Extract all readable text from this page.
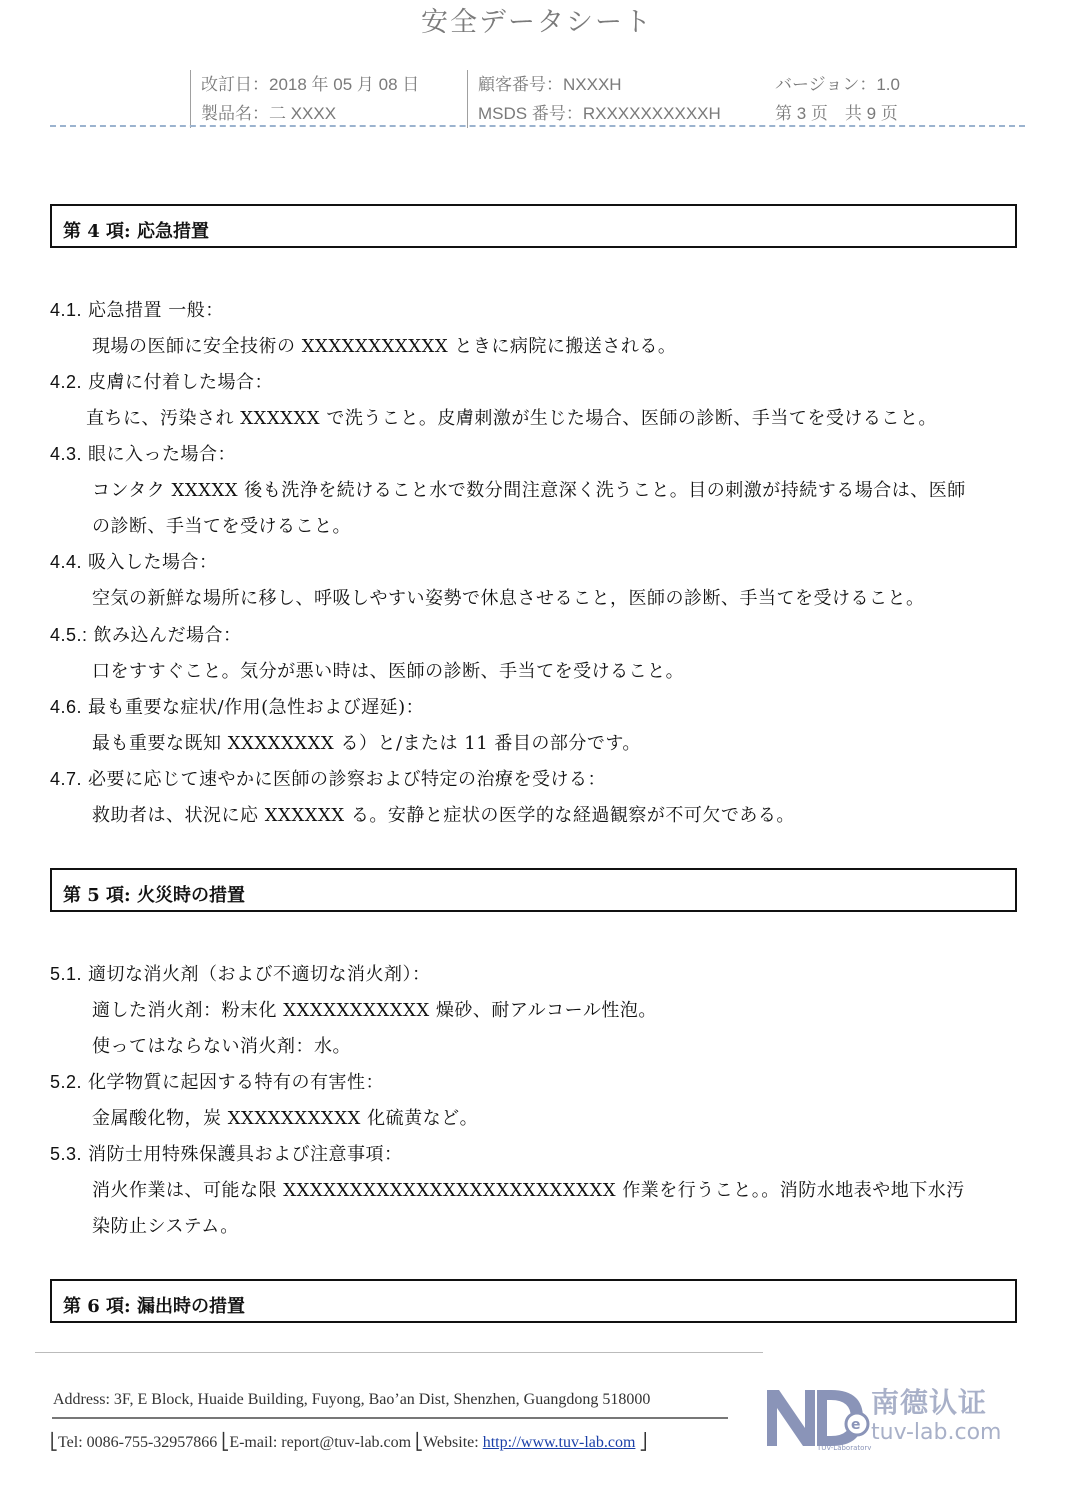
安全データシート
改訂日：2018 年 05 月 08 日
製品名：二 XXXX
顧客番号：NXXXH
MSDS 番号：RXXXXXXXXXXH
バージョン：1.0
第 3 页　共 9 页
第 4 項: 応急措置
4.1. 応急措置 一般：
現場の医師に安全技術の XXXXXXXXXXX ときに病院に搬送される。
4.2. 皮膚に付着した場合：
直ちに、汚染され XXXXXX で洗うこと。皮膚刺激が生じた場合、医師の診断、手当てを受けること。
4.3. 眼に入った場合：
コンタク XXXXX 後も洗浄を続けること水で数分間注意深く洗うこと。目の刺激が持続する場合は、医師
の診断、手当てを受けること。
4.4. 吸入した場合：
空気の新鮮な場所に移し、呼吸しやすい姿勢で休息させること，医師の診断、手当てを受けること。
4.5.: 飲み込んだ場合：
口をすすぐこと。気分が悪い時は、医師の診断、手当てを受けること。
4.6. 最も重要な症状/作用(急性および遅延)：
最も重要な既知 XXXXXXXX る）と/または 11 番目の部分です。
4.7. 必要に応じて速やかに医師の診察および特定の治療を受ける：
救助者は、状況に応 XXXXXX る。安静と症状の医学的な経過観察が不可欠である。
第 5 項: 火災時の措置
5.1. 適切な消火剤（および不適切な消火剤）：
適した消火剤：粉末化 XXXXXXXXXXX 燥砂、耐アルコール性泡。
使ってはならない消火剤：水。
5.2. 化学物質に起因する特有の有害性：
金属酸化物，炭 XXXXXXXXXX 化硫黄など。
5.3. 消防士用特殊保護具および注意事項：
消火作業は、可能な限 XXXXXXXXXXXXXXXXXXXXXXXXX 作業を行うこと。。消防水地表や地下水汚
染防止システム。
第 6 項: 漏出時の措置
Address: 3F, E Block, Huaide Building, Fuyong, Bao’an Dist, Shenzhen, Guangdong 518000
⎣Tel: 0086-755-32957866 ⎣E-mail: report@tuv-lab.com ⎣Website: http://www.tuv-lab.com ⎦
e
TUV-Laboratory
南德认证
tuv-lab.com
